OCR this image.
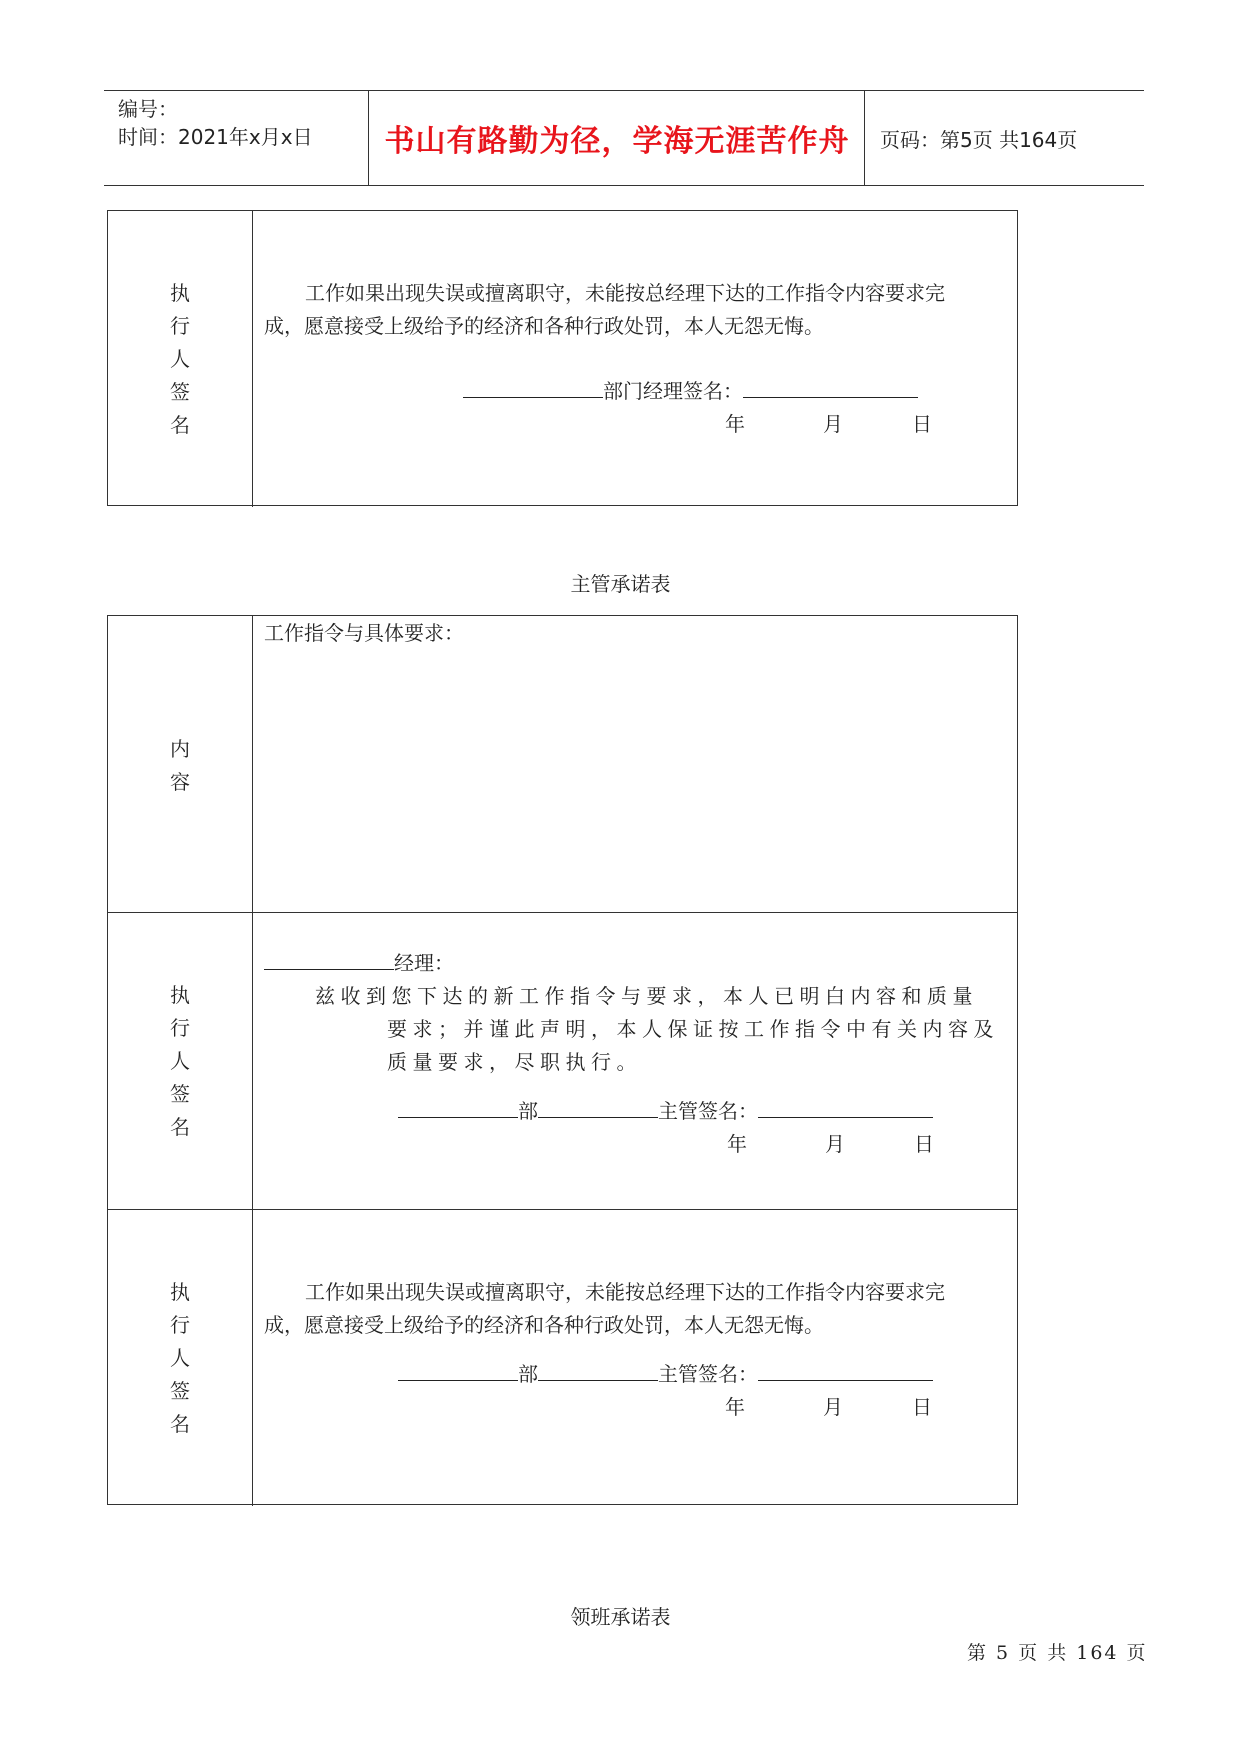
编号：
时间：2021年x月x日 书山有路勤为径，学海无涯苦作舟 页码：第5页 共164页
执
行
人
签
名
工作如果出现失误或擅离职守，未能按总经理下达的工作指令内容要求完
成，愿意接受上级给予的经济和各种行政处罚，本人无怨无悔。
部门经理签名：
年	月	日
主管承诺表
内
容
工作指令与具体要求：
执
行
人
签
名
经理：
兹收到您下达的新工作指令与要求，本人已明白内容和质量
要求；并谨此声明，本人保证按工作指令中有关内容及
质量要求，尽职执行。
部	主管签名：
年	月	日
执
行
人
签
名
工作如果出现失误或擅离职守，未能按总经理下达的工作指令内容要求完
成，愿意接受上级给予的经济和各种行政处罚，本人无怨无悔。
部	主管签名：
年	月	日
领班承诺表
第 5 页 共 164 页
